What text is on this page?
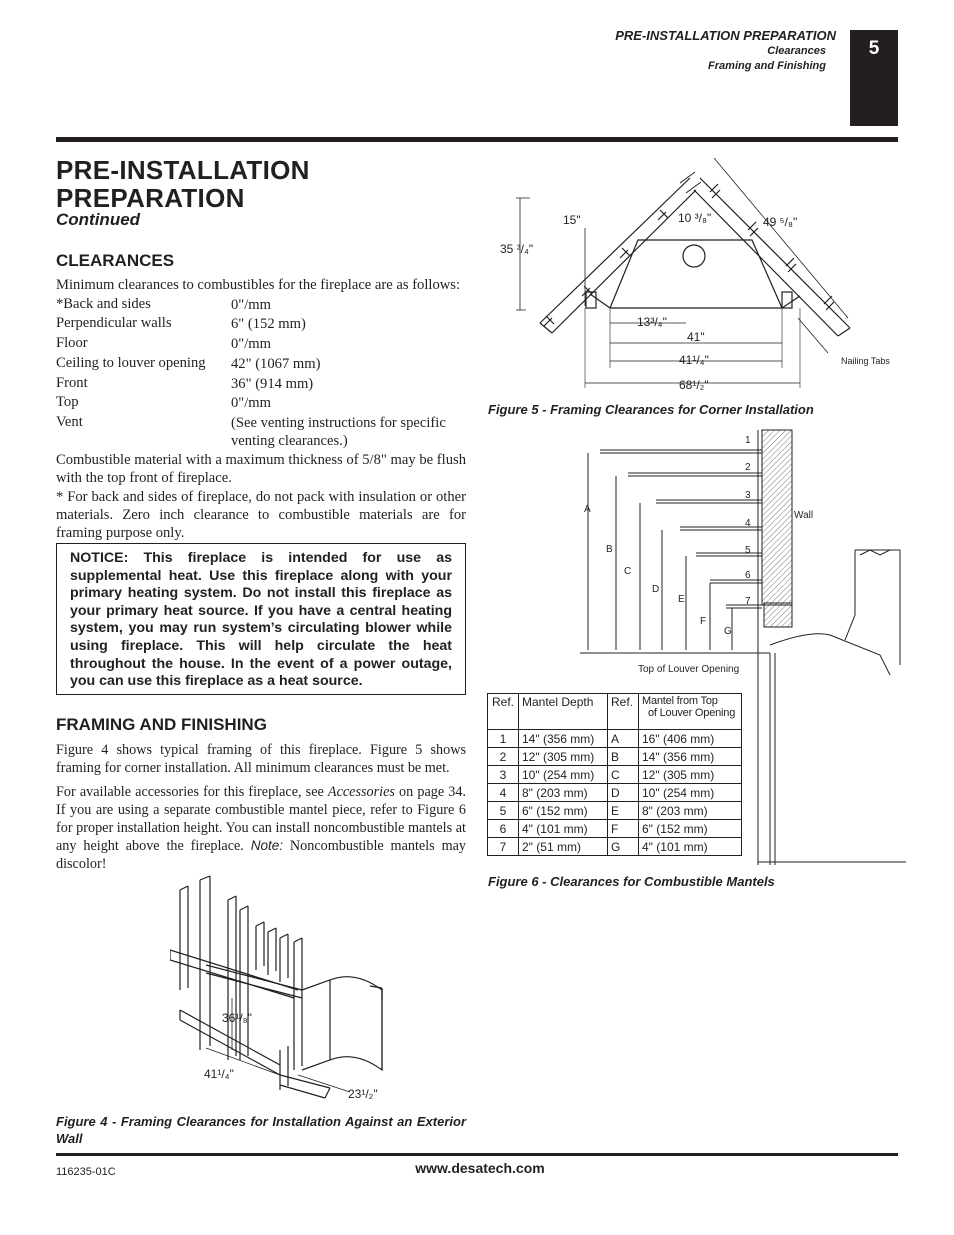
PRE-INSTALLATION PREPARATION
Clearances
Framing and Finishing
5
PRE-INSTALLATION
PREPARATION
Continued
CLEARANCES
Minimum clearances to combustibles for the fireplace are as follows:
*Back and sides	0"/mm
Perpendicular walls	6" (152 mm)
Floor	0"/mm
Ceiling to louver opening 42" (1067 mm)
Front	36" (914 mm)
Top	0"/mm
Vent	(See venting instructions for specific venting clearances.)
Combustible material with a maximum thickness of 5/8" may be flush with the top front of fireplace.
* For back and sides of fireplace, do not pack with insulation or other materials. Zero inch clearance to combustible materials are for framing purpose only.
NOTICE: This fireplace is intended for use as supplemental heat. Use this fireplace along with your primary heating system. Do not install this fireplace as your primary heat source. If you have a central heating system, you may run system’s circulating blower while using fireplace. This will help circulate the heat throughout the house. In the event of a power outage, you can use this fireplace as a heat source.
FRAMING AND FINISHING
Figure 4 shows typical framing of this fireplace. Figure 5 shows framing for corner installation. All minimum clearances must be met.
For available accessories for this fireplace, see Accessories on page 34. If you are using a separate combustible mantel piece, refer to Figure 6 for proper installation height. You can install noncombustible mantels at any height above the fireplace. Note: Noncombustible mantels may discolor!
36¹/₈"
41¹/₄"
23¹/₂"
Figure 4 - Framing Clearances for Installation Against an Exterior Wall
15"
35 ³/₄"
10 ³/₈"	49 ⁵/₈"
13³/₄"
41"
41¹/₄"
68¹/₂"
Nailing Tabs
Figure 5 - Framing Clearances for Corner Installation
1
2
3
4
5
6
7
A
B
C
D
E
F
G
Wall
Top of Louver Opening
Ref.	Mantel Depth	Ref.	Mantel from Top
of Louver Opening

1	14" (356 mm)	A	16" (406 mm)
2	12" (305 mm)	B	14" (356 mm)
3	10" (254 mm)	C	12" (305 mm)
4	8" (203 mm)	D	10" (254 mm)
5	6" (152 mm)	E	8" (203 mm)
6	4" (101 mm)	F	6" (152 mm)
7	2" (51 mm)	G	4" (101 mm)
Figure 6 - Clearances for Combustible Mantels
116235-01C	www.desatech.com
